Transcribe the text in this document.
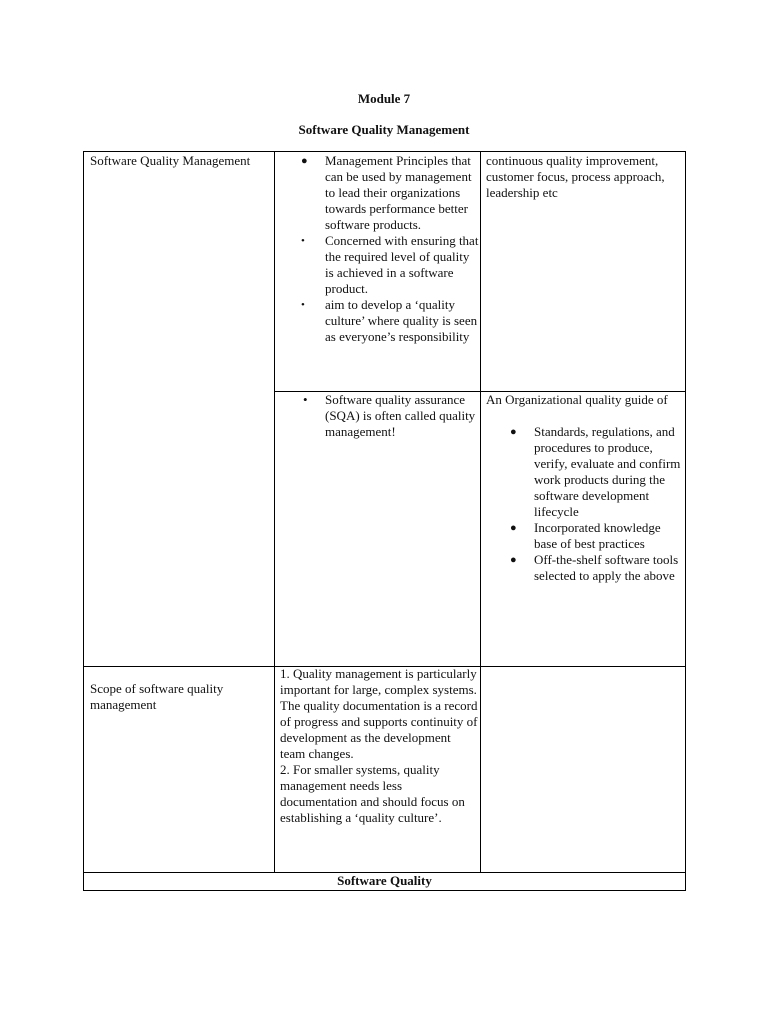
Module 7
Software Quality Management
Software Quality Management	● Management Principles that can be used by management to lead their organizations towards performance better software products.
• Concerned with ensuring that the required level of quality is achieved in a software product.
• aim to develop a ‘quality culture’ where quality is seen as everyone’s responsibility
continuous quality improvement, customer focus, process approach, leadership etc
• Software quality assurance (SQA) is often called quality management!
An Organizational quality guide of
● Standards, regulations, and procedures to produce, verify, evaluate and confirm work products during the software development lifecycle
● Incorporated knowledge base of best practices
● Off-the-shelf software tools selected to apply the above
Scope of software quality management
1. Quality management is particularly important for large, complex systems. The quality documentation is a record of progress and supports continuity of development as the development team changes.
2. For smaller systems, quality management needs less documentation and should focus on establishing a ‘quality culture’.
Software Quality
